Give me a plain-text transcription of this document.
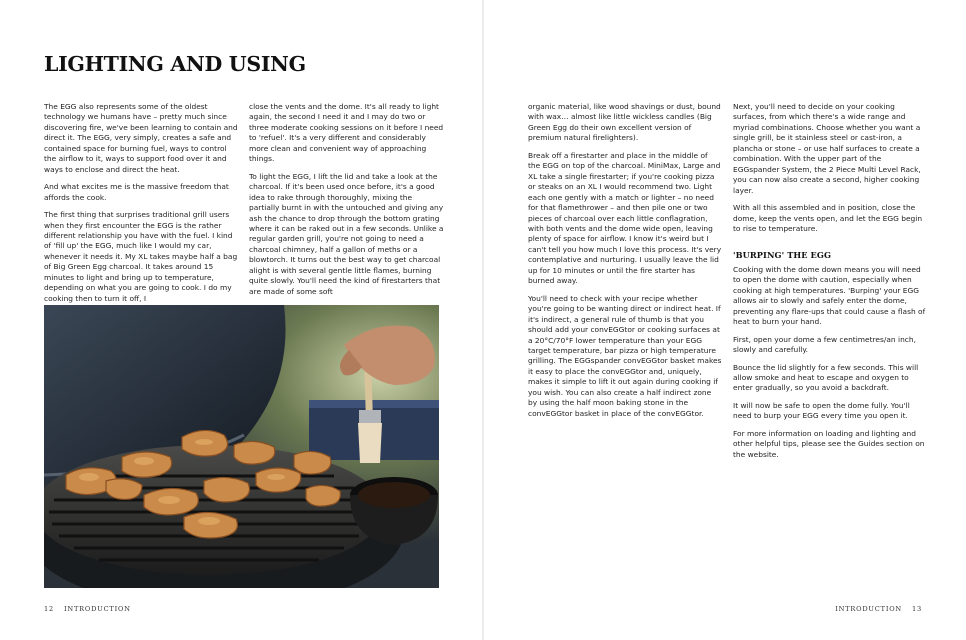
LIGHTING AND USING

The EGG also represents some of the oldest technology we humans have – pretty much since discovering fire, we've been learning to contain and direct it. The EGG, very simply, creates a safe and contained space for burning fuel, ways to control the airflow to it, ways to support food over it and ways to enclose and direct the heat.

And what excites me is the massive freedom that affords the cook.

The first thing that surprises traditional grill users when they first encounter the EGG is the rather different relationship you have with the fuel. I kind of 'fill up' the EGG, much like I would my car, whenever it needs it. My XL takes maybe half a bag of Big Green Egg charcoal. It takes around 15 minutes to light and bring up to temperature, depending on what you are going to cook. I do my cooking then to turn it off, I

close the vents and the dome. It's all ready to light again, the second I need it and I may do two or three moderate cooking sessions on it before I need to 'refuel'. It's a very different and considerably more clean and convenient way of approaching things.

To light the EGG, I lift the lid and take a look at the charcoal. If it's been used once before, it's a good idea to rake through thoroughly, mixing the partially burnt in with the untouched and giving any ash the chance to drop through the bottom grating where it can be raked out in a few seconds. Unlike a regular garden grill, you're not going to need a charcoal chimney, half a gallon of meths or a blowtorch. It turns out the best way to get charcoal alight is with several gentle little flames, burning quite slowly. You'll need the kind of firestarters that are made of some soft

organic material, like wood shavings or dust, bound with wax… almost like little wickless candles (Big Green Egg do their own excellent version of premium natural firelighters).

Break off a firestarter and place in the middle of the EGG on top of the charcoal. MiniMax, Large and XL take a single firestarter; if you're cooking pizza or steaks on an XL I would recommend two. Light each one gently with a match or lighter – no need for that flamethrower – and then pile one or two pieces of charcoal over each little conflagration, with both vents and the dome wide open, leaving plenty of space for airflow. I know it's weird but I can't tell you how much I love this process. It's very contemplative and nurturing. I usually leave the lid up for 10 minutes or until the fire starter has burned away.

You'll need to check with your recipe whether you're going to be wanting direct or indirect heat. If it's indirect, a general rule of thumb is that you should add your convEGGtor or cooking surfaces at a 20°C/70°F lower temperature than your EGG target temperature, bar pizza or high temperature grilling. The EGGspander convEGGtor basket makes it easy to place the convEGGtor and, uniquely, makes it simple to lift it out again during cooking if you wish. You can also create a half indirect zone by using the half moon baking stone in the convEGGtor basket in place of the convEGGtor.

Next, you'll need to decide on your cooking surfaces, from which there's a wide range and myriad combinations. Choose whether you want a single grill, be it stainless steel or cast-iron, a plancha or stone – or use half surfaces to create a combination. With the upper part of the EGGspander System, the 2 Piece Multi Level Rack, you can now also create a second, higher cooking layer.

With all this assembled and in position, close the dome, keep the vents open, and let the EGG begin to rise to temperature.

'BURPING' THE EGG

Cooking with the dome down means you will need to open the dome with caution, especially when cooking at high temperatures. 'Burping' your EGG allows air to slowly and safely enter the dome, preventing any flare-ups that could cause a flash of heat to burn your hand.

First, open your dome a few centimetres/an inch, slowly and carefully.

Bounce the lid slightly for a few seconds. This will allow smoke and heat to escape and oxygen to enter gradually, so you avoid a backdraft.

It will now be safe to open the dome fully. You'll need to burp your EGG every time you open it.

For more information on loading and lighting and other helpful tips, please see the Guides section on the website.

12 INTRODUCTION	INTRODUCTION 13
